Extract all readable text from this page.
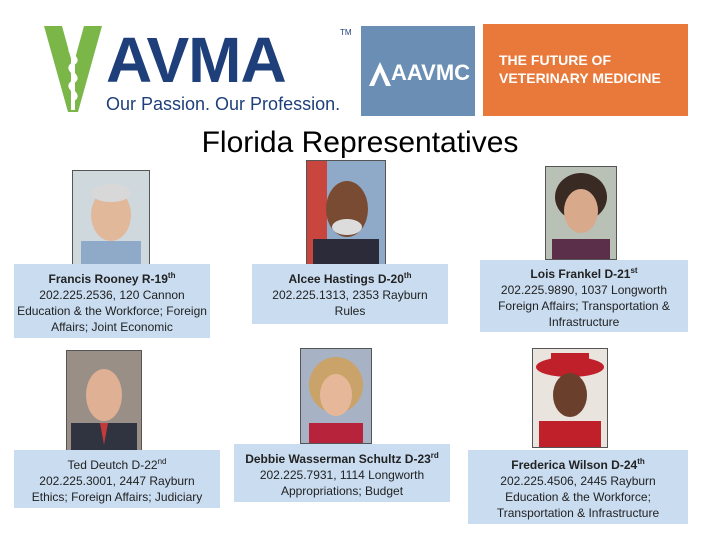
AVMA	TM
Our Passion. Our Profession.
AAVMC THE FUTURE OF
VETERINARY MEDICINE
Florida Representatives
Francis Rooney R-19th
202.225.2536, 120 Cannon
Education & the Workforce; Foreign Affairs; Joint Economic
Alcee Hastings D-20th
202.225.1313, 2353 Rayburn
Rules
Lois Frankel D-21st
202.225.9890, 1037 Longworth
Foreign Affairs; Transportation & Infrastructure
Ted Deutch D-22nd
202.225.3001, 2447 Rayburn
Ethics; Foreign Affairs; Judiciary
Debbie Wasserman Schultz D-23rd
202.225.7931, 1114 Longworth
Appropriations; Budget
Frederica Wilson D-24th
202.225.4506, 2445 Rayburn
Education & the Workforce; Transportation & Infrastructure
